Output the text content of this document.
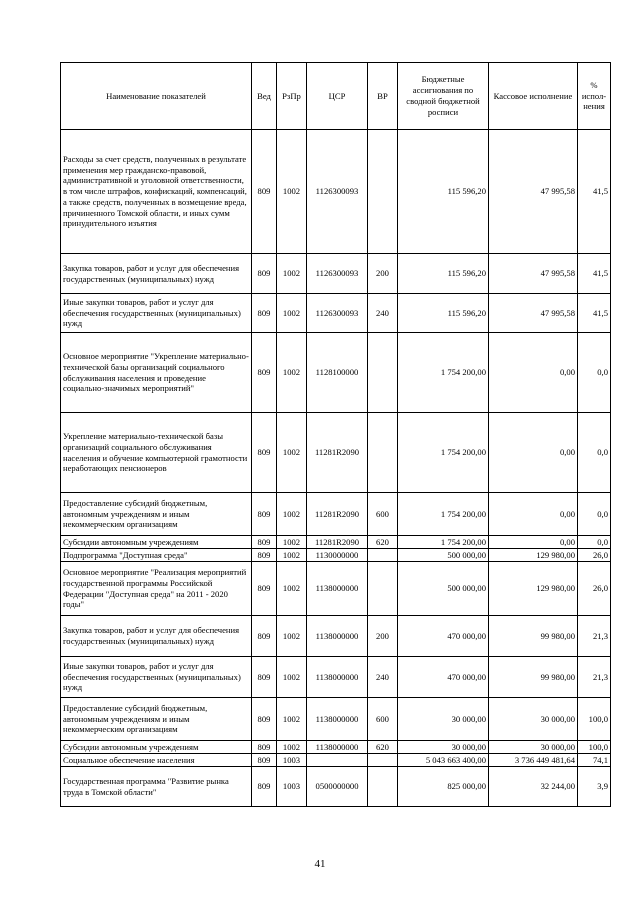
Наименование показателей	Вед	РзПр	ЦСР	ВР	Бюджетные ассигнования по сводной бюджетной росписи	Кассовое исполнение	% испол-нения
Расходы за счет средств, полученных в результате применения мер гражданско-правовой, административной и уголовной ответственности, в том числе штрафов, конфискаций, компенсаций, а также средств, полученных в возмещение вреда, причиненного Томской области, и иных сумм принудительного изъятия	809	1002	1126300093		115 596,20	47 995,58	41,5
Закупка товаров, работ и услуг для обеспечения государственных (муниципальных) нужд	809	1002	1126300093	200	115 596,20	47 995,58	41,5
Иные закупки товаров, работ и услуг для обеспечения государственных (муниципальных) нужд	809	1002	1126300093	240	115 596,20	47 995,58	41,5
Основное мероприятие "Укрепление материально-технической базы организаций социального обслуживания населения и проведение социально-значимых мероприятий"	809	1002	1128100000		1 754 200,00	0,00	0,0
Укрепление материально-технической базы организаций социального обслуживания населения и обучение компьютерной грамотности неработающих пенсионеров	809	1002	11281R2090		1 754 200,00	0,00	0,0
Предоставление субсидий бюджетным, автономным учреждениям и иным некоммерческим организациям	809	1002	11281R2090	600	1 754 200,00	0,00	0,0
Субсидии автономным учреждениям	809	1002	11281R2090	620	1 754 200,00	0,00	0,0
Подпрограмма "Доступная среда"	809	1002	1130000000		500 000,00	129 980,00	26,0
Основное мероприятие "Реализация мероприятий государственной программы Российской Федерации "Доступная среда" на 2011 - 2020 годы"	809	1002	1138000000		500 000,00	129 980,00	26,0
Закупка товаров, работ и услуг для обеспечения государственных (муниципальных) нужд	809	1002	1138000000	200	470 000,00	99 980,00	21,3
Иные закупки товаров, работ и услуг для обеспечения государственных (муниципальных) нужд	809	1002	1138000000	240	470 000,00	99 980,00	21,3
Предоставление субсидий бюджетным, автономным учреждениям и иным некоммерческим организациям	809	1002	1138000000	600	30 000,00	30 000,00	100,0
Субсидии автономным учреждениям	809	1002	1138000000	620	30 000,00	30 000,00	100,0
Социальное обеспечение населения	809	1003			5 043 663 400,00	3 736 449 481,64	74,1
Государственная программа "Развитие рынка труда в Томской области"	809	1003	0500000000		825 000,00	32 244,00	3,9
41
